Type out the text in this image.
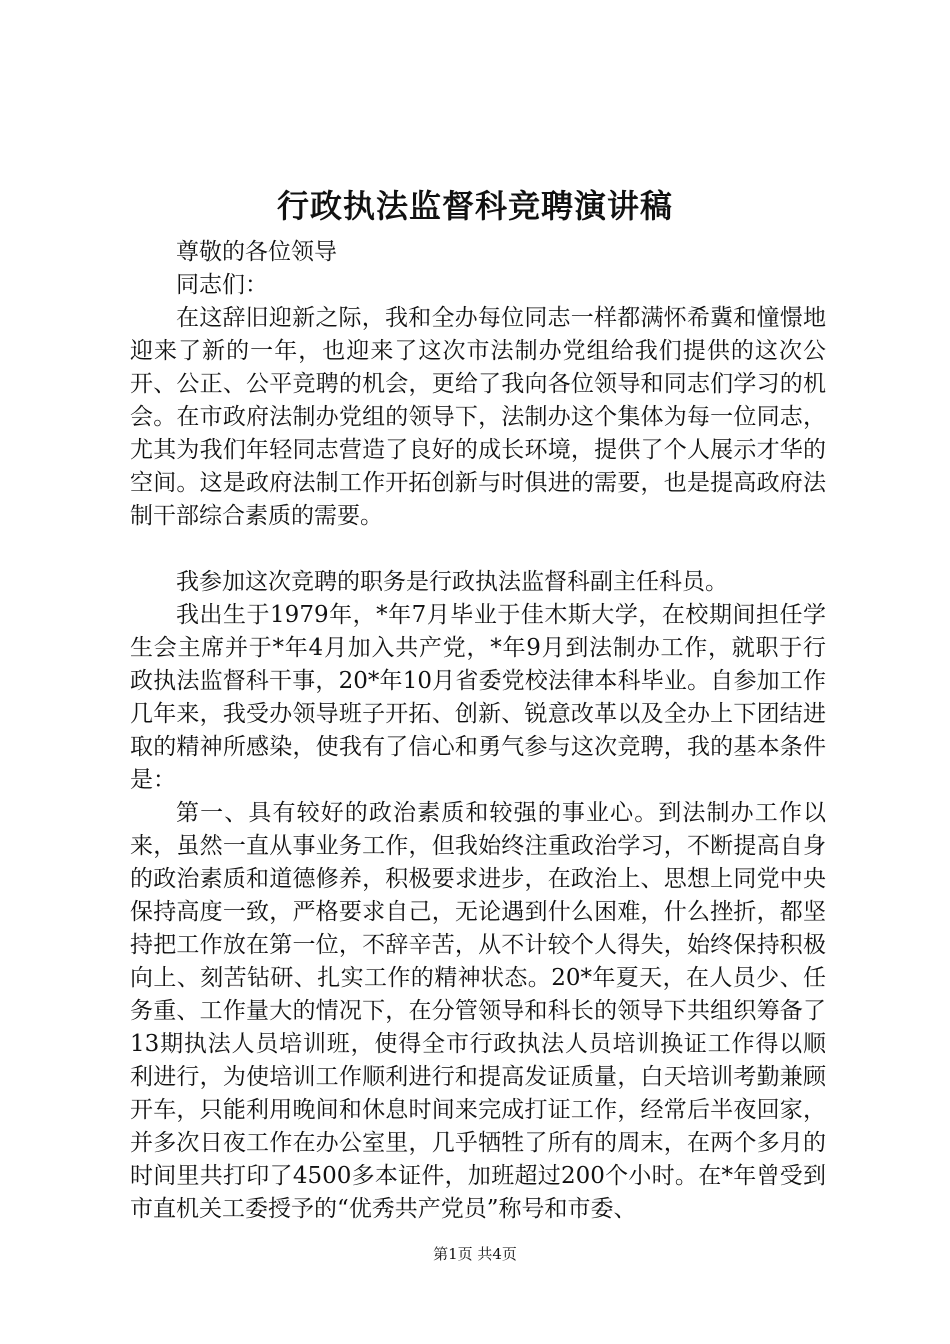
行政执法监督科竞聘演讲稿

尊敬的各位领导

同志们：

在这辞旧迎新之际，我和全办每位同志一样都满怀希冀和憧憬地迎来了新的一年，也迎来了这次市法制办党组给我们提供的这次公开、公正、公平竞聘的机会，更给了我向各位领导和同志们学习的机会。在市政府法制办党组的领导下，法制办这个集体为每一位同志，尤其为我们年轻同志营造了良好的成长环境，提供了个人展示才华的空间。这是政府法制工作开拓创新与时俱进的需要，也是提高政府法制干部综合素质的需要。

我参加这次竞聘的职务是行政执法监督科副主任科员。

我出生于1979年，*年7月毕业于佳木斯大学，在校期间担任学生会主席并于*年4月加入共产党，*年9月到法制办工作，就职于行政执法监督科干事，20*年10月省委党校法律本科毕业。自参加工作几年来，我受办领导班子开拓、创新、锐意改革以及全办上下团结进取的精神所感染，使我有了信心和勇气参与这次竞聘，我的基本条件是：

第一、具有较好的政治素质和较强的事业心。到法制办工作以来，虽然一直从事业务工作，但我始终注重政治学习，不断提高自身的政治素质和道德修养，积极要求进步，在政治上、思想上同党中央保持高度一致，严格要求自己，无论遇到什么困难，什么挫折，都坚持把工作放在第一位，不辞辛苦，从不计较个人得失，始终保持积极向上、刻苦钻研、扎实工作的精神状态。20*年夏天，在人员少、任务重、工作量大的情况下，在分管领导和科长的领导下共组织筹备了13期执法人员培训班，使得全市行政执法人员培训换证工作得以顺利进行，为使培训工作顺利进行和提高发证质量，白天培训考勤兼顾开车，只能利用晚间和休息时间来完成打证工作，经常后半夜回家，并多次日夜工作在办公室里，几乎牺牲了所有的周末，在两个多月的时间里共打印了4500多本证件，加班超过200个小时。在*年曾受到市直机关工委授予的“优秀共产党员”称号和市委、

第1页 共4页
